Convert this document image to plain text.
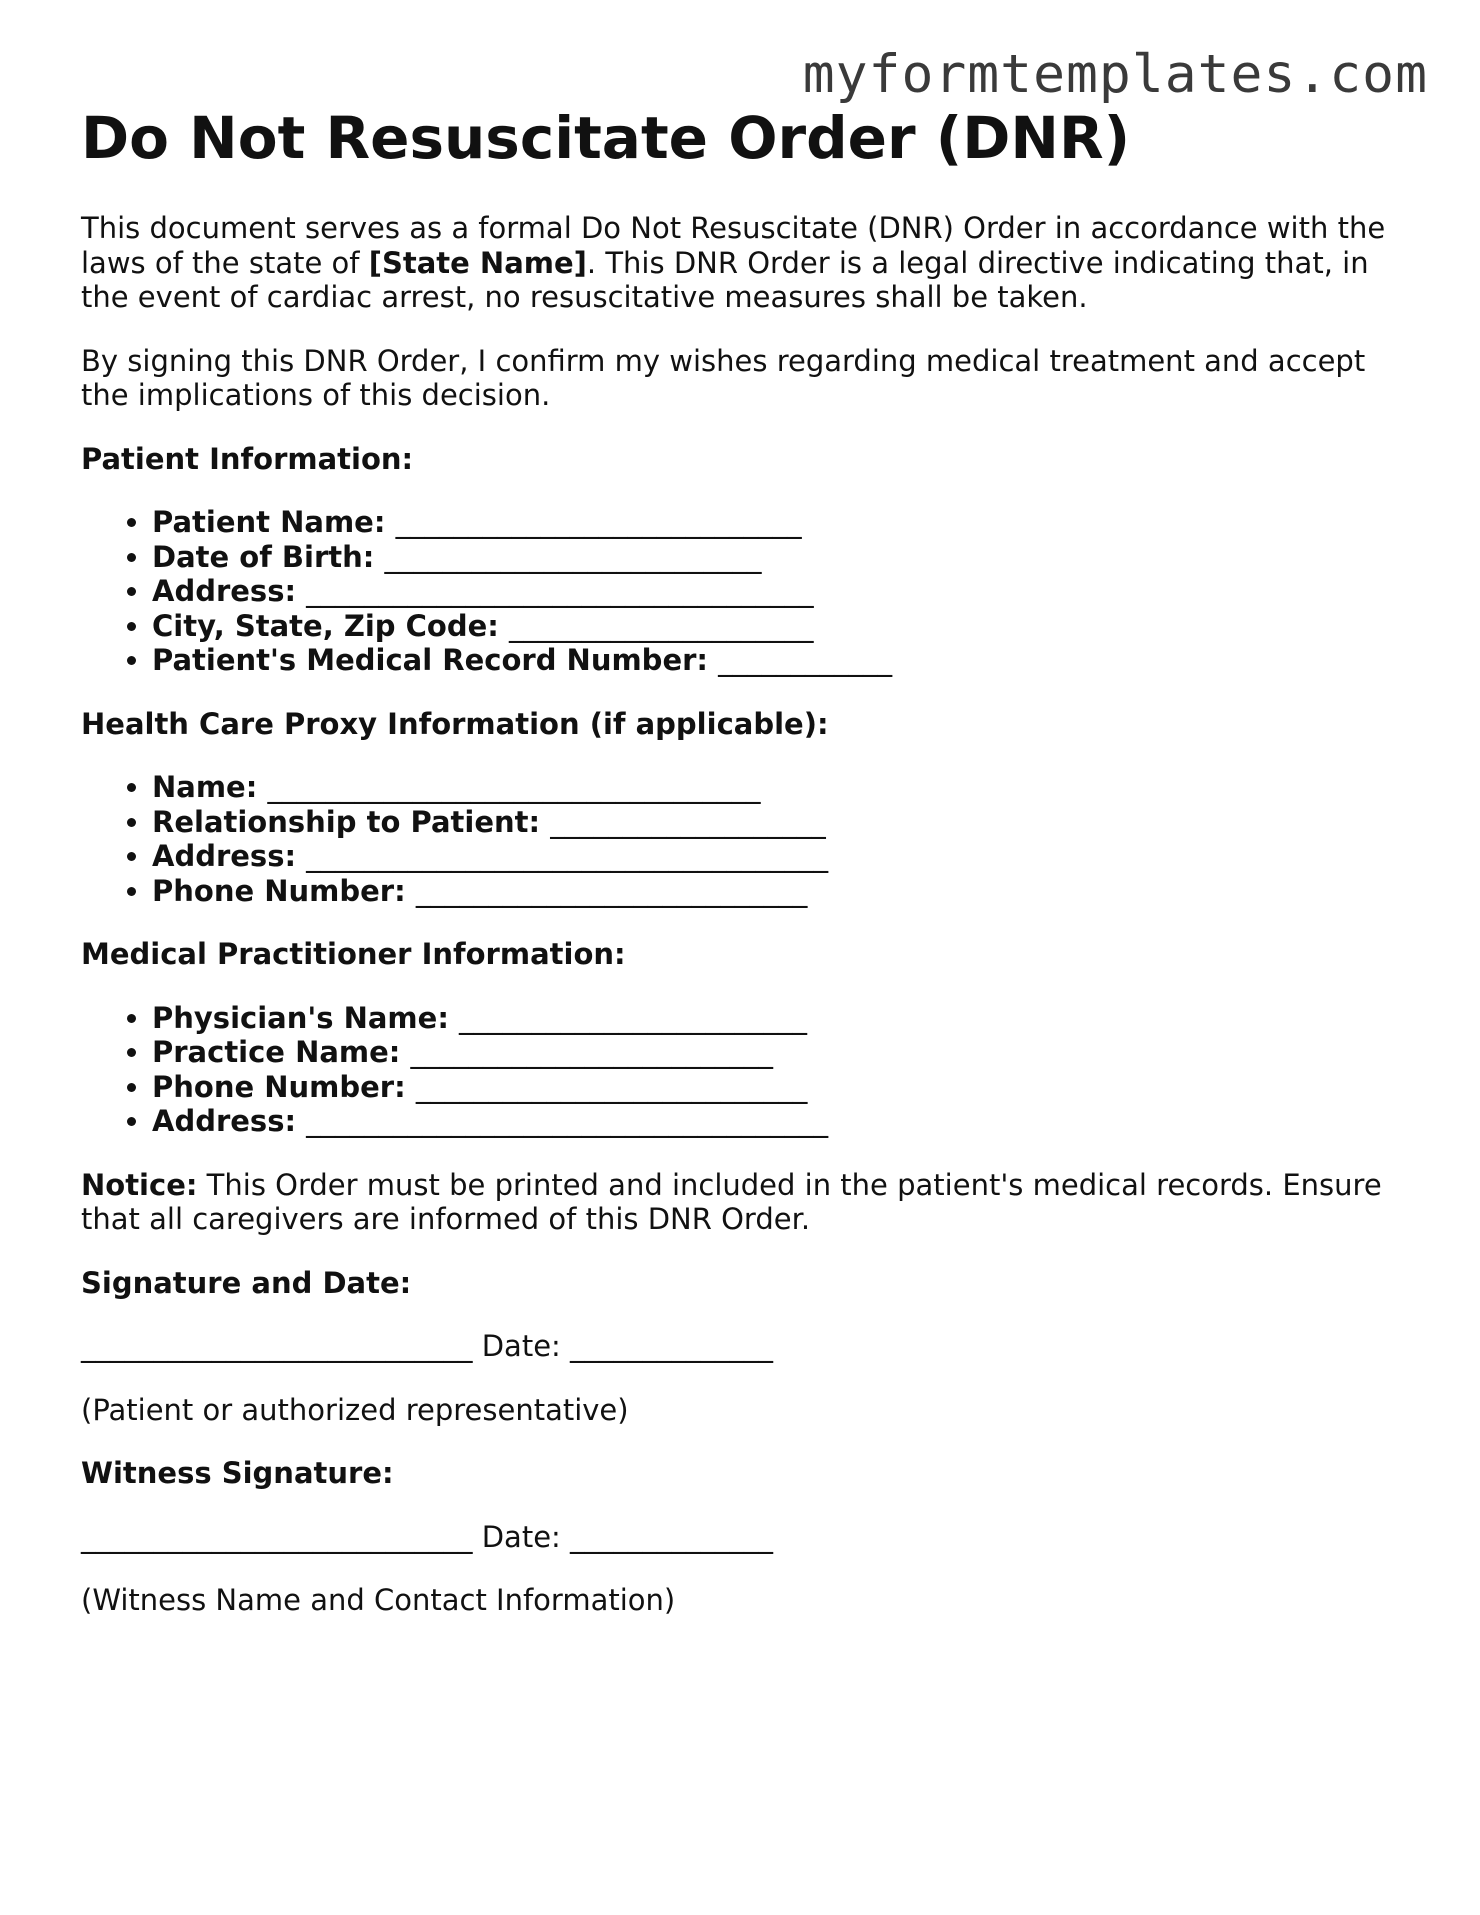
myformtemplates.com
Do Not Resuscitate Order (DNR)

This document serves as a formal Do Not Resuscitate (DNR) Order in accordance with the laws of the state of [State Name]. This DNR Order is a legal directive indicating that, in the event of cardiac arrest, no resuscitative measures shall be taken.

By signing this DNR Order, I confirm my wishes regarding medical treatment and accept the implications of this decision.

Patient Information:
• Patient Name: ____________________________
• Date of Birth: __________________________
• Address: ___________________________________
• City, State, Zip Code: _____________________
• Patient's Medical Record Number: ____________
Health Care Proxy Information (if applicable):
• Name: __________________________________
• Relationship to Patient: ___________________
• Address: ____________________________________
• Phone Number: ___________________________
Medical Practitioner Information:
• Physician's Name: ________________________
• Practice Name: _________________________
• Phone Number: ___________________________
• Address: ____________________________________

Notice: This Order must be printed and included in the patient's medical records. Ensure that all caregivers are informed of this DNR Order.

Signature and Date:
___________________________ Date: ______________

(Patient or authorized representative)

Witness Signature:
___________________________ Date: ______________

(Witness Name and Contact Information)
